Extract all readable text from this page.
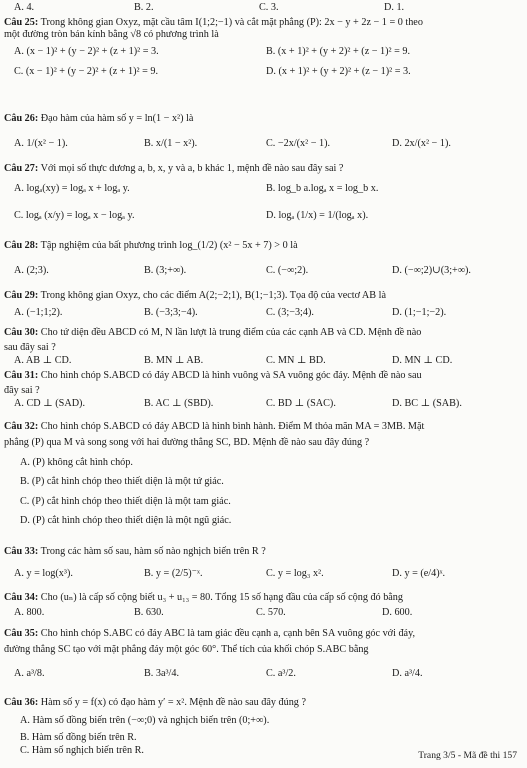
A. 4.	B. 2.	C. 3.	D. 1.
Câu 25: Trong không gian Oxyz, mặt cầu tâm I(1;2;−1) và cắt mặt phẳng (P): 2x − y + 2z − 1 = 0 theo
một đường tròn bán kính bằng √8 có phương trình là
A. (x − 1)² + (y − 2)² + (z + 1)² = 3.	B. (x + 1)² + (y + 2)² + (z − 1)² = 9.
C. (x − 1)² + (y − 2)² + (z + 1)² = 9.	D. (x + 1)² + (y + 2)² + (z − 1)² = 3.
Câu 26: Đạo hàm của hàm số y = ln(1 − x²) là
A. 1/(x² − 1).	B. x/(1 − x²).	C. −2x/(x² − 1).	D. 2x/(x² − 1).
Câu 27: Với mọi số thực dương a, b, x, y và a, b khác 1, mệnh đề nào sau đây sai ?
A. logₐ(xy) = logₐ x + logₐ y.	B. log_b a.logₐ x = log_b x.
C. logₐ (x/y) = logₐ x − logₐ y.	D. logₐ (1/x) = 1/(logₐ x).
Câu 28: Tập nghiệm của bất phương trình log_(1/2) (x² − 5x + 7) > 0 là
A. (2;3).	B. (3;+∞).	C. (−∞;2).	D. (−∞;2)∪(3;+∞).
Câu 29: Trong không gian Oxyz, cho các điểm A(2;−2;1), B(1;−1;3). Tọa độ của vectơ AB là
A. (−1;1;2).	B. (−3;3;−4).	C. (3;−3;4).	D. (1;−1;−2).
Câu 30: Cho tứ diện đều ABCD có M, N lần lượt là trung điểm của các cạnh AB và CD. Mệnh đề nào
sau đây sai ?
A. AB ⊥ CD.	B. MN ⊥ AB.	C. MN ⊥ BD.	D. MN ⊥ CD.
Câu 31: Cho hình chóp S.ABCD có đáy ABCD là hình vuông và SA vuông góc đáy. Mệnh đề nào sau
đây sai ?
A. CD ⊥ (SAD).	B. AC ⊥ (SBD).	C. BD ⊥ (SAC).	D. BC ⊥ (SAB).
Câu 32: Cho hình chóp S.ABCD có đáy ABCD là hình bình hành. Điểm M thỏa mãn MA = 3MB. Mặt
phẳng (P) qua M và song song với hai đường thẳng SC, BD. Mệnh đề nào sau đây đúng ?
A. (P) không cắt hình chóp.
B. (P) cắt hình chóp theo thiết diện là một tứ giác.
C. (P) cắt hình chóp theo thiết diện là một tam giác.
D. (P) cắt hình chóp theo thiết diện là một ngũ giác.
Câu 33: Trong các hàm số sau, hàm số nào nghịch biến trên R ?
A. y = log(x³).	B. y = (2/5)⁻ˣ.	C. y = log₃ x².	D. y = (e/4)ˣ.
Câu 34: Cho (uₙ) là cấp số cộng biết u₃ + u₁₃ = 80. Tổng 15 số hạng đầu của cấp số cộng đó bằng
A. 800.	B. 630.	C. 570.	D. 600.
Câu 35: Cho hình chóp S.ABC có đáy ABC là tam giác đều cạnh a, cạnh bên SA vuông góc với đáy,
đường thẳng SC tạo với mặt phẳng đáy một góc 60°. Thể tích của khối chóp S.ABC bằng
A. a³/8.	B. 3a³/4.	C. a³/2.	D. a³/4.
Câu 36: Hàm số y = f(x) có đạo hàm y′ = x². Mệnh đề nào sau đây đúng ?
A. Hàm số đồng biến trên (−∞;0) và nghịch biến trên (0;+∞).
B. Hàm số đồng biến trên R.
C. Hàm số nghịch biến trên R.	Trang 3/5 - Mã đề thi 157
